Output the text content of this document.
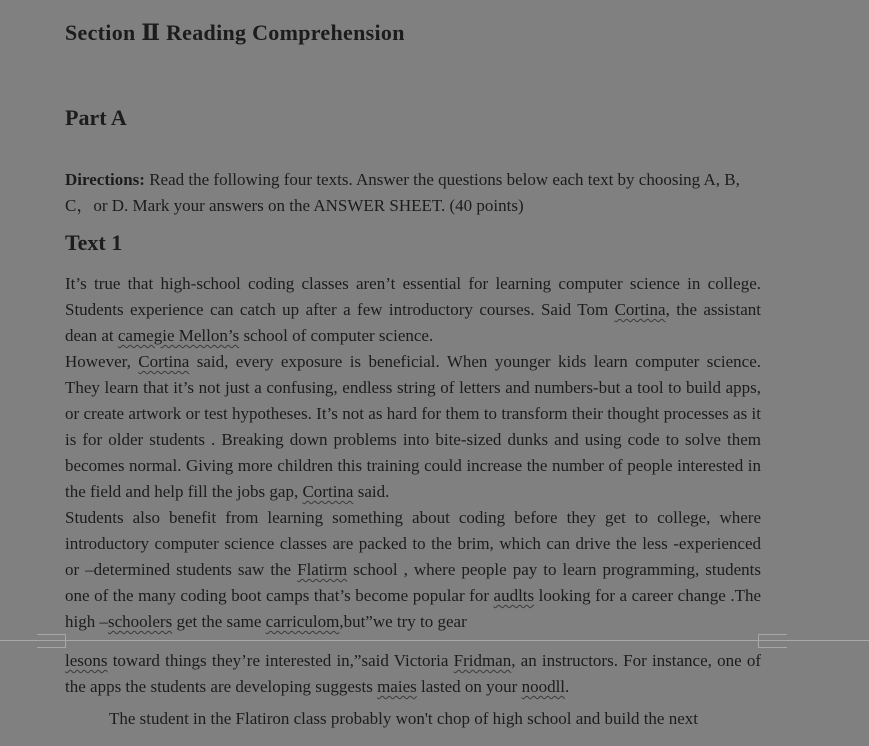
Section Ⅱ Reading Comprehension
Part A

Directions: Read the following four texts. Answer the questions below each text by choosing A, B, C，or D. Mark your answers on the ANSWER SHEET. (40 points)

Text 1

It’s true that high-school coding classes aren’t essential for learning computer science in college. Students experience can catch up after a few introductory courses. Said Tom Cortina, the assistant dean at camegie Mellon’s school of computer science.

However, Cortina said, every exposure is beneficial. When younger kids learn computer science. They learn that it’s not just a confusing, endless string of letters and numbers-but a tool to build apps, or create artwork or test hypotheses. It’s not as hard for them to transform their thought processes as it is for older students . Breaking down problems into bite-sized dunks and using code to solve them becomes normal. Giving more children this training could increase the number of people interested in the field and help fill the jobs gap, Cortina said.

Students also benefit from learning something about coding before they get to college, where introductory computer science classes are packed to the brim, which can drive the less -experienced or –determined students saw the Flatirm school , where people pay to learn programming, students one of the many coding boot camps that’s become popular for audlts looking for a career change .The high –schoolers get the same carriculom,but”we try to gear

lesons toward things they’re interested in,”said Victoria Fridman, an instructors. For instance, one of the apps the students are developing suggests maies lasted on your noodll.

The student in the Flatiron class probably won't chop of high school and build the next
